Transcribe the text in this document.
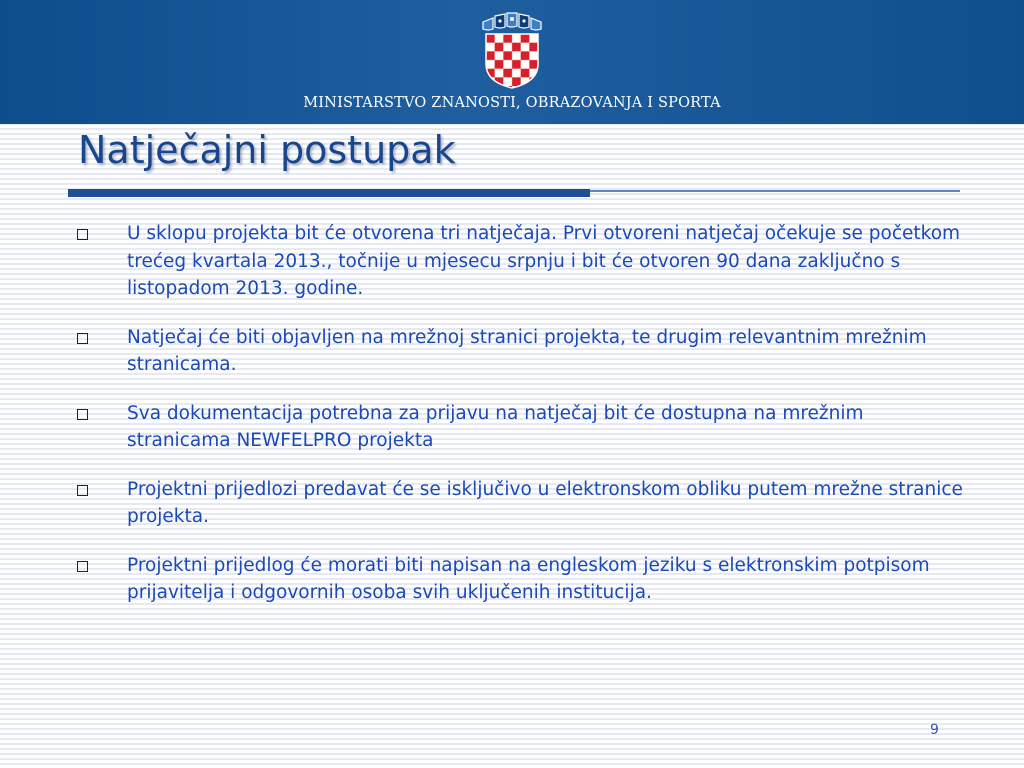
MINISTARSTVO ZNANOSTI, OBRAZOVANJA I SPORTA
Natječajni postupak
U sklopu projekta bit će otvorena tri natječaja. Prvi otvoreni natječaj očekuje se početkom trećeg kvartala 2013., točnije u mjesecu srpnju i bit će otvoren 90 dana zaključno s listopadom 2013. godine.
Natječaj će biti objavljen na mrežnoj stranici projekta, te drugim relevantnim mrežnim stranicama.
Sva dokumentacija potrebna za prijavu na natječaj bit će dostupna na mrežnim stranicama NEWFELPRO projekta
Projektni prijedlozi predavat će se isključivo u elektronskom obliku putem mrežne stranice projekta.
Projektni prijedlog će morati biti napisan na engleskom jeziku s elektronskim potpisom prijavitelja i odgovornih osoba svih uključenih institucija.
9
